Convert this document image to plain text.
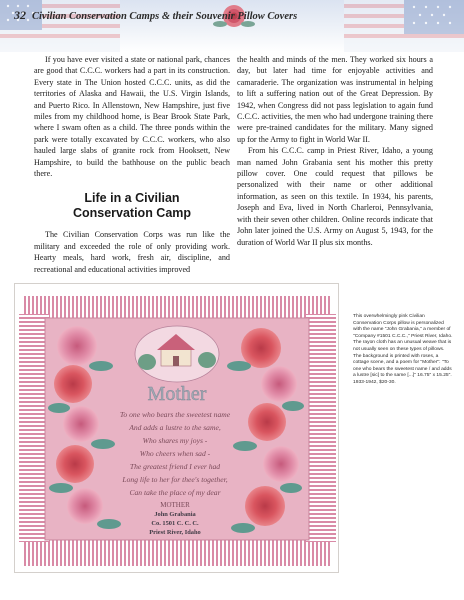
32 Civilian Conservation Camps & their Souvenir Pillow Covers

If you have ever visited a state or national park, chances are good that C.C.C. workers had a part in its construction. Every state in The Union hosted C.C.C. units, as did the territories of Alaska and Hawaii, the U.S. Virgin Islands, and Puerto Rico. In Allenstown, New Hampshire, just five miles from my childhood home, is Bear Brook State Park, where I swam often as a child. The three ponds within the park were totally excavated by C.C.C. workers, who also hauled large slabs of granite rock from Hooksett, New Hampshire, to build the bathhouse on the public beach there.

Life in a Civilian
Conservation Camp

The Civilian Conservation Corps was run like the military and exceeded the role of only providing work. Hearty meals, hard work, fresh air, discipline, and recreational and educational activities improved

the health and minds of the men. They worked six hours a day, but later had time for enjoyable activities and camaraderie. The organization was instrumental in helping to lift a suffering nation out of the Great Depression. By 1942, when Congress did not pass legislation to again fund C.C.C. activities, the men who had undergone training there were pre-trained candidates for the military. Many signed up for the Army to fight in World War II.

From his C.C.C. camp in Priest River, Idaho, a young man named John Grabania sent his mother this pretty pillow cover. One could request that pillows be personalized with their name or other additional information, as seen on this textile. In 1934, his parents, Joseph and Eva, lived in North Charleroi, Pennsylvania, with their seven other children. Online records indicate that John later joined the U.S. Army on August 5, 1943, for the duration of World War II plus six months.

Mother
To one who bears the sweetest name
And adds a lustre to the same,
Who shares my joys -
Who cheers when sad -
The greatest friend I ever had
Long life to her for thee's together,
Can take the place of my dear
MOTHER
John Grabania
Co. 1501 C. C. C.
Priest River, Idaho
This overwhelmingly pink Civilian Conservation Corps pillow is personalized with the name "John Grabania," a member of "Company #1501 C.C.C.," Priest River, Idaho. The rayon cloth has an unusual weave that is not usually seen on these types of pillows. The background is printed with roses, a cottage scene, and a poem for "Mother": "To one who bears the sweetest name / and adds a lustre [sic] to the same [...]" 16.75" x 15.25". 1933-1942, $20-30.
